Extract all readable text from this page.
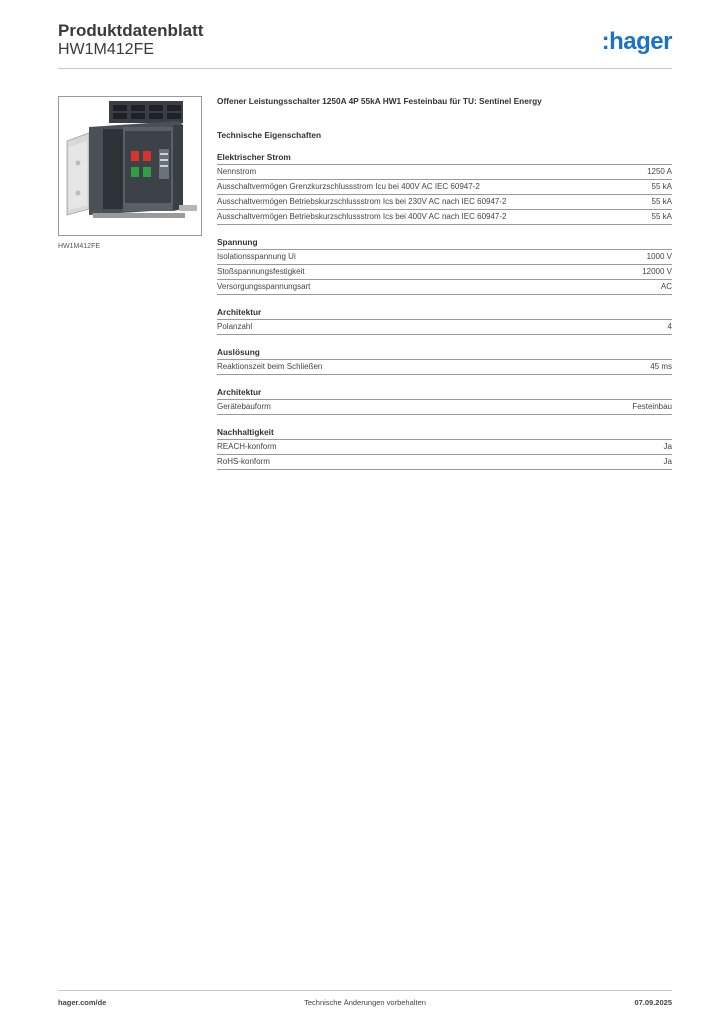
Produktdatenblatt
HW1M412FE	:hager
HW1M412FE

Offener Leistungsschalter 1250A 4P 55kA HW1 Festeinbau für TU: Sentinel Energy

Technische Eigenschaften
Elektrischer Strom
Nennstrom	1250 A
Ausschaltvermögen Grenzkurzschlussstrom Icu bei 400V AC IEC 60947-2	55 kA
Ausschaltvermögen Betriebskurzschlussstrom Ics bei 230V AC nach IEC 60947-2	55 kA
Ausschaltvermögen Betriebskurzschlussstrom Ics bei 400V AC nach IEC 60947-2	55 kA
Spannung
Isolationsspannung Ui	1000 V
Stoßspannungsfestigkeit	12000 V
Versorgungsspannungsart	AC
Architektur
Polanzahl	4
Auslösung
Reaktionszeit beim Schließen	45 ms
Architektur
Gerätebauform	Festeinbau
Nachhaltigkeit
REACH-konform	Ja
RoHS-konform	Ja
hager.com/de	Technische Änderungen vorbehalten	07.09.2025
